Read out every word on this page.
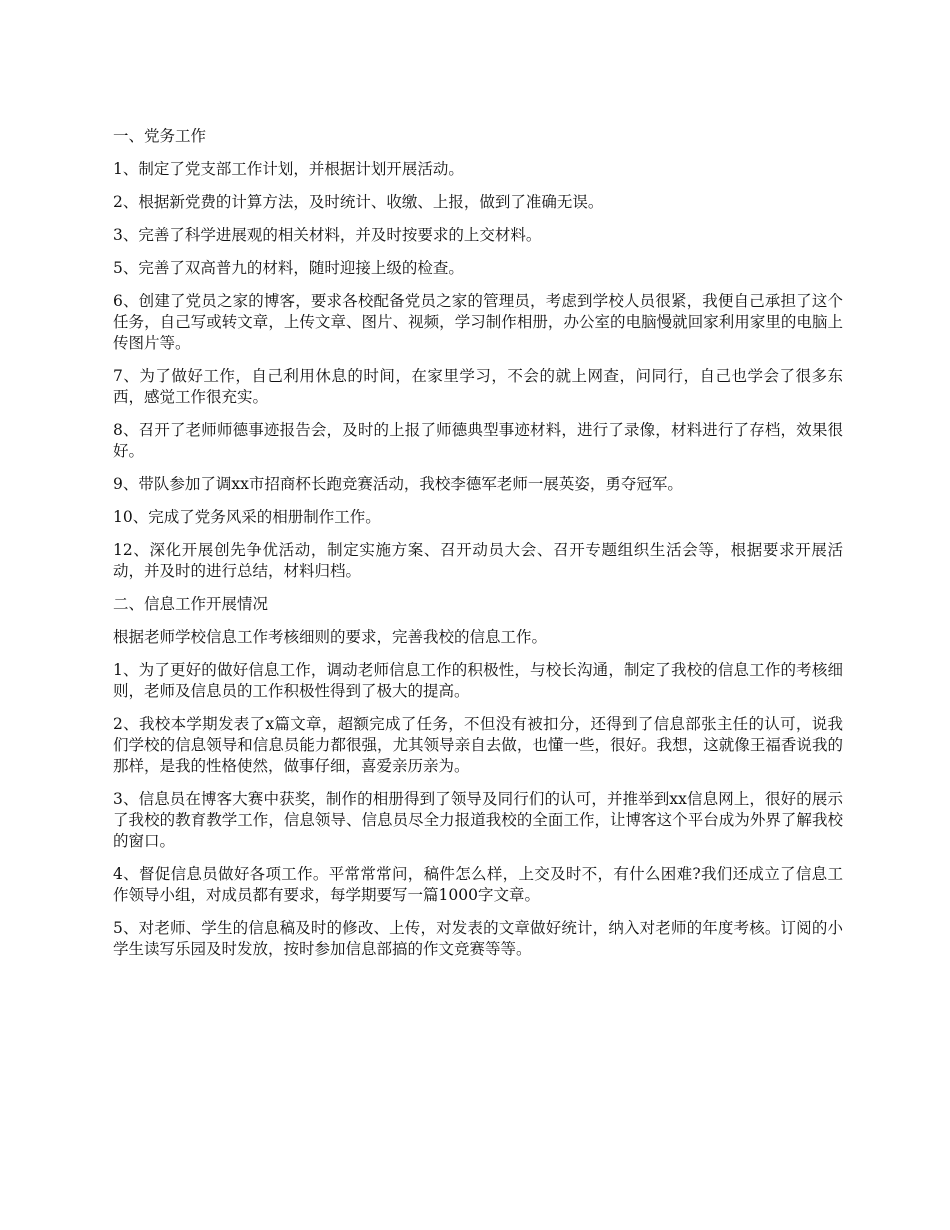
一、党务工作

1、制定了党支部工作计划，并根据计划开展活动。

2、根据新党费的计算方法，及时统计、收缴、上报，做到了准确无误。

3、完善了科学进展观的相关材料，并及时按要求的上交材料。

5、完善了双高普九的材料，随时迎接上级的检查。

6、创建了党员之家的博客，要求各校配备党员之家的管理员，考虑到学校人员很紧，我便自己承担了这个任务，自己写或转文章，上传文章、图片、视频，学习制作相册，办公室的电脑慢就回家利用家里的电脑上传图片等。

7、为了做好工作，自己利用休息的时间，在家里学习，不会的就上网查，问同行，自己也学会了很多东西，感觉工作很充实。

8、召开了老师师德事迹报告会，及时的上报了师德典型事迹材料，进行了录像，材料进行了存档，效果很好。

9、带队参加了调xx市招商杯长跑竞赛活动，我校李德军老师一展英姿，勇夺冠军。

10、完成了党务风采的相册制作工作。

12、深化开展创先争优活动，制定实施方案、召开动员大会、召开专题组织生活会等，根据要求开展活动，并及时的进行总结，材料归档。

二、信息工作开展情况

根据老师学校信息工作考核细则的要求，完善我校的信息工作。

1、为了更好的做好信息工作，调动老师信息工作的积极性，与校长沟通，制定了我校的信息工作的考核细则，老师及信息员的工作积极性得到了极大的提高。

2、我校本学期发表了x篇文章，超额完成了任务，不但没有被扣分，还得到了信息部张主任的认可，说我们学校的信息领导和信息员能力都很强，尤其领导亲自去做，也懂一些，很好。我想，这就像王福香说我的那样，是我的性格使然，做事仔细，喜爱亲历亲为。

3、信息员在博客大赛中获奖，制作的相册得到了领导及同行们的认可，并推举到xx信息网上，很好的展示了我校的教育教学工作，信息领导、信息员尽全力报道我校的全面工作，让博客这个平台成为外界了解我校的窗口。

4、督促信息员做好各项工作。平常常常问，稿件怎么样，上交及时不，有什么困难?我们还成立了信息工作领导小组，对成员都有要求，每学期要写一篇1000字文章。

5、对老师、学生的信息稿及时的修改、上传，对发表的文章做好统计，纳入对老师的年度考核。订阅的小学生读写乐园及时发放，按时参加信息部搞的作文竞赛等等。
